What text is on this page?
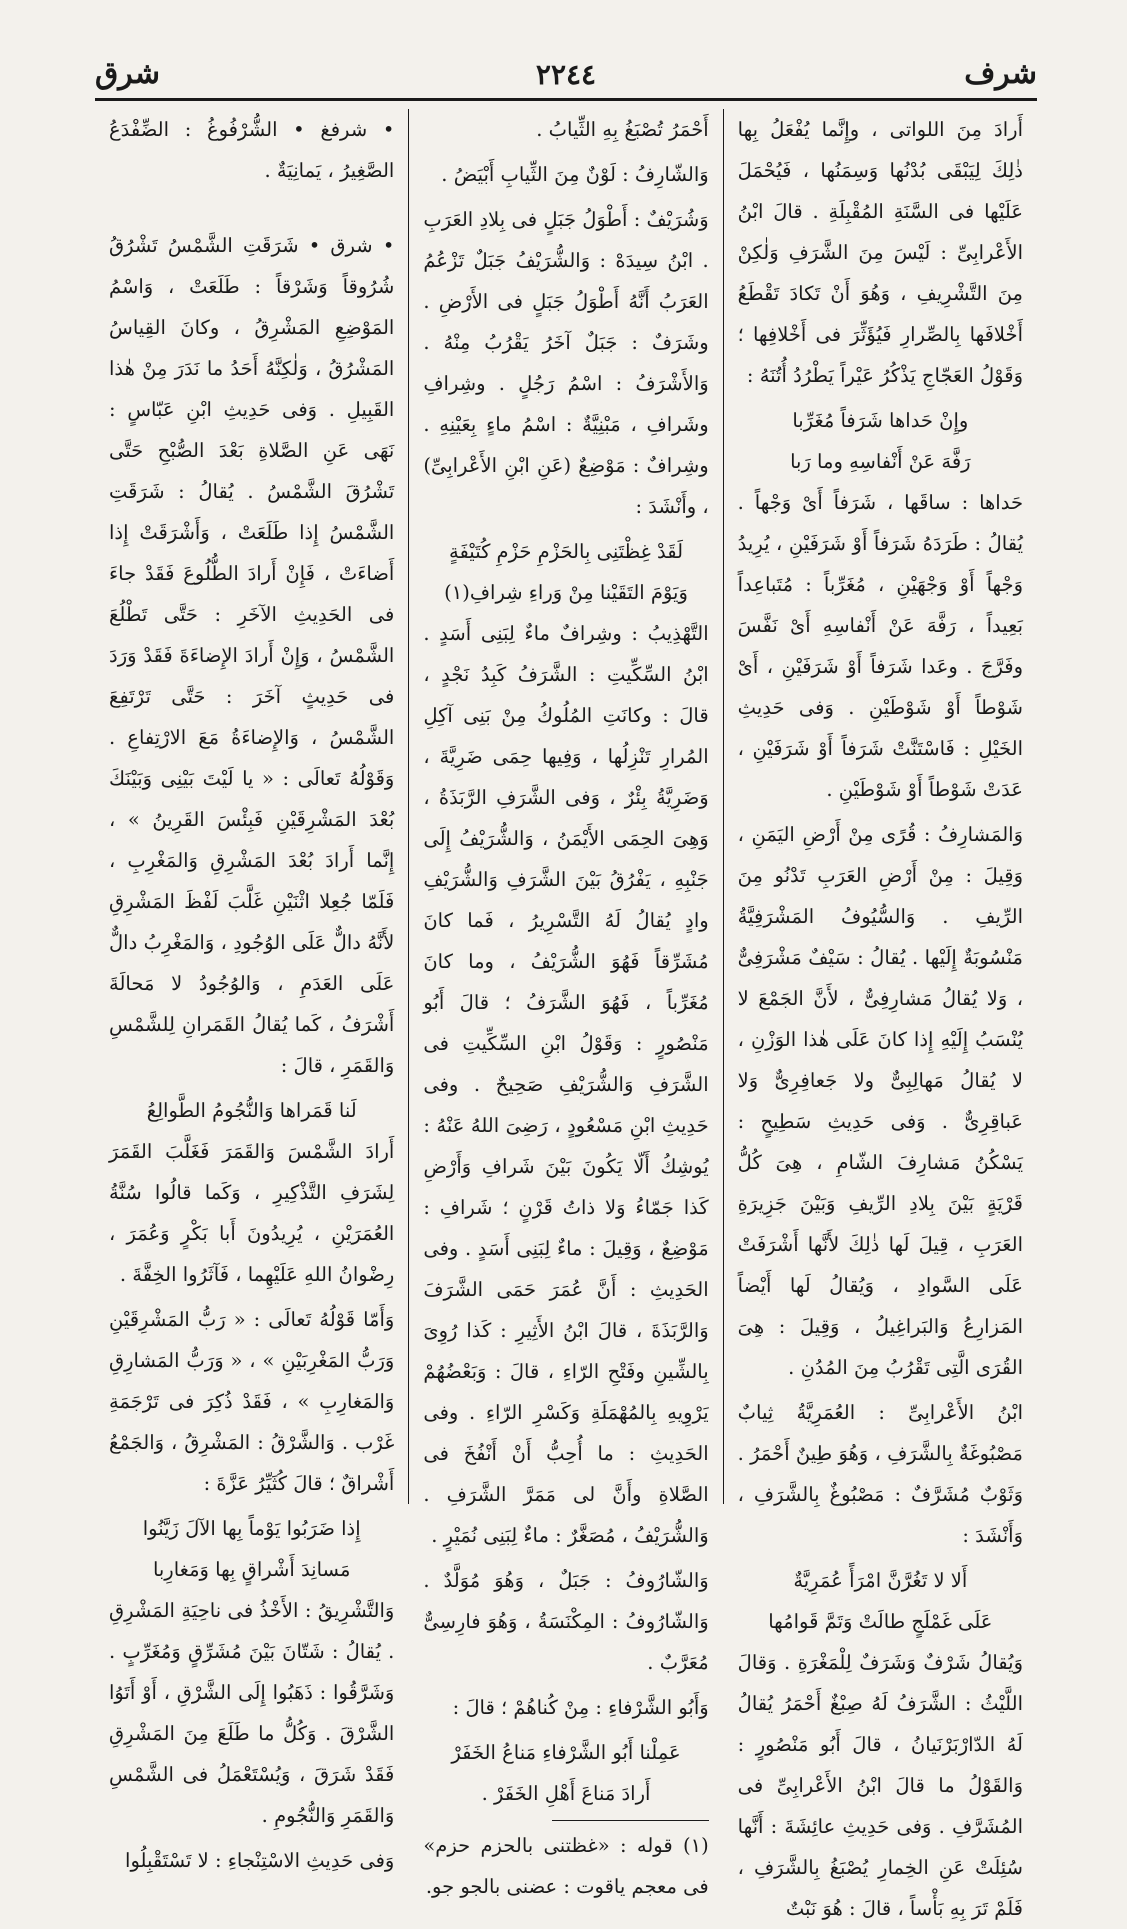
شرف
٢٢٤٤
شرق

أَرادَ مِنَ اللواتى ، وإِنَّما يُفْعَلُ بِها ذٰلِكَ لِيَبْقَى بُدْنُها وَسِمَنُها ، فَيُحْمَلَ عَلَيْها فى السَّنَةِ المُقْبِلَةِ . قالَ ابْنُ الأَعْرابِىِّ : لَيْسَ مِنَ الشَّرَفِ وَلٰكِنْ مِنَ التَّشْرِيفِ ، وَهُوَ أَنْ تَكادَ تَقْطَعُ أَخْلافَها بِالصِّرارِ فَيُؤَثِّرَ فى أَخْلافِها ؛ وَقَوْلُ العَجّاجِ يَذْكُرُ عَيْراً يَطْرُدُ أُتُنَهُ :

وإِنْ حَداها شَرَفاً مُغَرِّبا

رَفَّهَ عَنْ أَنْفاسِهِ وما رَبا

حَداها : ساقَها ، شَرَفاً أَىْ وَجْهاً . يُقالُ : طَرَدَهُ شَرَفاً أَوْ شَرَفَيْنِ ، يُرِيدُ وَجْهاً أَوْ وَجْهَيْنِ ، مُغَرِّباً : مُتَباعِداً بَعِيداً ، رَفَّهَ عَنْ أَنْفاسِهِ أَىْ نَفَّسَ وفَرَّجَ . وعَدا شَرَفاً أَوْ شَرَفَيْنِ ، أَىْ شَوْطاً أَوْ شَوْطَيْنِ . وَفى حَدِيثِ الخَيْلِ : فَاسْتَنَّتْ شَرَفاً أَوْ شَرَفَيْنِ ، عَدَتْ شَوْطاً أَوْ شَوْطَيْنِ .

وَالمَشارِفُ : قُرًى مِنْ أَرْضِ اليَمَنِ ، وَقِيلَ : مِنْ أَرْضِ العَرَبِ تَدْنُو مِنَ الرِّيفِ . وَالسُّيُوفُ المَشْرَفِيَّةُ مَنْسُوبَةٌ إِلَيْها . يُقالُ : سَيْفٌ مَشْرَفِىٌّ ، وَلا يُقالُ مَشارِفِىٌّ ، لأَنَّ الجَمْعَ لا يُنْسَبُ إِلَيْهِ إِذا كانَ عَلَى هٰذا الوَزْنِ ، لا يُقالُ مَهالِبِىٌّ ولا جَعافِرِىٌّ وَلا عَباقِرِىٌّ . وَفى حَدِيثِ سَطِيحٍ : يَسْكُنُ مَشارِفَ الشّامِ ، هِىَ كُلُّ قَرْيَةٍ بَيْنَ بِلادِ الرِّيفِ وَبَيْنَ جَزِيرَةِ العَرَبِ ، قِيلَ لَها ذٰلِكَ لأَنَّها أَشْرَفَتْ عَلَى السَّوادِ ، وَيُقالُ لَها أَيْضاً المَزارِعُ وَالبَراغِيلُ ، وَقِيلَ : هِىَ القُرَى الَّتِى تَقْرُبُ مِنَ المُدُنِ .

ابْنُ الأَعْرابِىِّ : العُمَرِيَّةُ ثِيابٌ مَصْبُوغَةٌ بِالشَّرَفِ ، وَهُوَ طِينٌ أَحْمَرُ . وَثَوْبٌ مُشَرَّفٌ : مَصْبُوغٌ بِالشَّرَفِ ، وَأَنْشَدَ :

أَلا لا تَغُرَّنَّ امْرَأً عُمَرِيَّةٌ

عَلَى غَمْلَجٍ طالَتْ وَتَمَّ قَوامُها

وَيُقالُ شَرْفٌ وَشَرَفٌ لِلْمَغْرَةِ . وَقالَ اللَّيْثُ : الشَّرَفُ لَهُ صِبْغٌ أَحْمَرُ يُقالُ لَهُ الدّارْبَرْنَيانُ ، قالَ أَبُو مَنْصُورٍ : وَالقَوْلُ ما قالَ ابْنُ الأَعْرابِىِّ فى المُشَرَّفِ . وَفى حَدِيثِ عائِشَةَ : أَنَّها سُئِلَتْ عَنِ الخِمارِ يُصْبَغُ بِالشَّرَفِ ، فَلَمْ تَرَ بِهِ بَأْساً ، قالَ : هُوَ نَبْتٌ

أَحْمَرُ تُصْبَغُ بِهِ الثِّيابُ .

وَالشّارِفُ : لَوْنٌ مِنَ الثِّيابِ أَبْيَضُ .

وَشُرَيْفٌ : أَطْوَلُ جَبَلٍ فى بِلادِ العَرَبِ . ابْنُ سِيدَهْ : وَالشُّرَيْفُ جَبَلٌ تَزْعُمُ العَرَبُ أَنَّهُ أَطْوَلُ جَبَلٍ فى الأَرْضِ . وشَرَفٌ : جَبَلٌ آخَرُ يَقْرُبُ مِنْهُ . وَالأَشْرَفُ : اسْمُ رَجُلٍ . وشِرافِ وشَرافِ ، مَبْنِيَّةٌ : اسْمُ ماءٍ بِعَيْنِهِ . وشِرافٌ : مَوْضِعٌ (عَنِ ابْنِ الأَعْرابِىِّ) ، وأَنْشَدَ :

لَقَدْ غِظْتَنِى بِالحَزْمِ حَزْمِ كُتَيْفَةٍ

وَيَوْمَ التَقَيْنا مِنْ وَراءِ شِرافِ(١)

التَّهْذِيبُ : وشِرافٌ ماءٌ لِبَنِى أَسَدٍ . ابْنُ السِّكِّيتِ : الشَّرَفُ كَبِدُ نَجْدٍ ، قالَ : وكانَتِ المُلُوكُ مِنْ بَنِى آكِلِ المُرارِ تَنْزِلُها ، وَفِيها حِمَى ضَرِيَّةَ ، وَضَرِيَّةُ بِئْرٌ ، وَفى الشَّرَفِ الرَّبَذَةُ ، وَهِىَ الحِمَى الأَيْمَنُ ، وَالشُّرَيْفُ إِلَى جَنْبِهِ ، يَفْرُقُ بَيْنَ الشَّرَفِ وَالشُّرَيْفِ وادٍ يُقالُ لَهُ التَّسْرِيرُ ، فَما كانَ مُشَرِّقاً فَهُوَ الشُّرَيْفُ ، وما كانَ مُغَرِّباً ، فَهُوَ الشَّرَفُ ؛ قالَ أَبُو مَنْصُورٍ : وَقَوْلُ ابْنِ السِّكِّيتِ فى الشَّرَفِ وَالشُّرَيْفِ صَحِيحٌ . وفى حَدِيثِ ابْنِ مَسْعُودٍ ، رَضِىَ اللهُ عَنْهُ : يُوشِكُ أَلّا يَكُونَ بَيْنَ شَرافِ وَأَرْضِ كَذا جَمّاءُ وَلا ذاتُ قَرْنٍ ؛ شَرافِ : مَوْضِعٌ ، وَقِيلَ : ماءٌ لِبَنِى أَسَدٍ . وفى الحَدِيثِ : أَنَّ عُمَرَ حَمَى الشَّرَفَ وَالرَّبَذَةَ ، قالَ ابْنُ الأَثِيرِ : كَذا رُوِىَ بِالشِّينِ وفَتْحِ الرّاءِ ، قالَ : وَبَعْضُهُمْ يَرْوِيهِ بِالمُهْمَلَةِ وَكَسْرِ الرّاءِ . وفى الحَدِيثِ : ما أُحِبُّ أَنْ أَنْفُخَ فى الصَّلاةِ وأَنَّ لى مَمَرَّ الشَّرَفِ . وَالشُّرَيْفُ ، مُصَغَّرٌ : ماءٌ لِبَنِى نُمَيْرٍ .

وَالشّارُوفُ : جَبَلٌ ، وَهُوَ مُوَلَّدٌ . وَالشّارُوفُ : المِكْنَسَةُ ، وَهُوَ فارِسِىٌّ مُعَرَّبٌ .

وَأَبُو الشَّرْفاءِ : مِنْ كُناهُمْ ؛ قالَ :

عَمِلْنا أَبُو الشَّرْفاءِ مَناعُ الخَفَرْ

أَرادَ مَناعَ أَهْلِ الخَفَرْ .

(١) قوله : «غظتنى بالحزم حزم» فى معجم ياقوت : عضنى بالجو جو.

• شرفغ • الشُّرْفُوغُ : الضِّفْدَعُ الصَّغِيرُ ، يَمانِيَةٌ .

• شرق • شَرَقَتِ الشَّمْسُ تَشْرُقُ شُرُوقاً وَشَرْقاً : طَلَعَتْ ، وَاسْمُ المَوْضِعِ المَشْرِقُ ، وكانَ القِياسُ المَشْرُقُ ، وَلٰكِنَّهُ أَحَدُ ما نَدَرَ مِنْ هٰذا القَبِيلِ . وَفى حَدِيثِ ابْنِ عَبّاسٍ : نَهَى عَنِ الصَّلاةِ بَعْدَ الصُّبْحِ حَتَّى تَشْرُقَ الشَّمْسُ . يُقالُ : شَرَقَتِ الشَّمْسُ إِذا طَلَعَتْ ، وَأَشْرَقَتْ إِذا أَضاءَتْ ، فَإِنْ أَرادَ الطُّلُوعَ فَقَدْ جاءَ فى الحَدِيثِ الآخَرِ : حَتَّى تَطْلُعَ الشَّمْسُ ، وَإِنْ أَرادَ الإِضاءَةَ فَقَدْ وَرَدَ فى حَدِيثٍ آخَرَ : حَتَّى تَرْتَفِعَ الشَّمْسُ ، وَالإِضاءَةُ مَعَ الارْتِفاعِ . وَقَوْلُهُ تَعالَى : « يا لَيْتَ بَيْنِى وَبَيْنَكَ بُعْدَ المَشْرِقَيْنِ فَبِئْسَ القَرِينُ » ، إِنَّما أَرادَ بُعْدَ المَشْرِقِ وَالمَغْرِبِ ، فَلَمّا جُعِلا اثْنَيْنِ غَلَّبَ لَفْظَ المَشْرِقِ لأَنَّهُ دالٌّ عَلَى الوُجُودِ ، وَالمَغْرِبُ دالٌّ عَلَى العَدَمِ ، وَالوُجُودُ لا مَحالَةَ أَشْرَفُ ، كَما يُقالُ القَمَرانِ لِلشَّمْسِ وَالقَمَرِ ، قالَ :

لَنا قَمَراها وَالنُّجُومُ الطَّوالِعُ

أَرادَ الشَّمْسَ وَالقَمَرَ فَغَلَّبَ القَمَرَ لِشَرَفِ التَّذْكِيرِ ، وَكَما قالُوا سُنَّةُ العُمَرَيْنِ ، يُرِيدُونَ أَبا بَكْرٍ وَعُمَرَ ، رِضْوانُ اللهِ عَلَيْهِما ، فَآثَرُوا الخِفَّةَ .

وَأَمّا قَوْلُهُ تَعالَى : « رَبُّ المَشْرِقَيْنِ وَرَبُّ المَغْرِبَيْنِ » ، « وَرَبُّ المَشارِقِ وَالمَغارِبِ » ، فَقَدْ ذُكِرَ فى تَرْجَمَةِ غَرْب . وَالشَّرْقُ : المَشْرِقُ ، وَالجَمْعُ أَشْراقٌ ؛ قالَ كُثَيِّرُ عَزَّةَ :

إِذا ضَرَبُوا يَوْماً بِها الآلَ زَيَّنُوا

مَسانِدَ أَشْراقٍ بِها وَمَغارِبا

وَالتَّشْرِيقُ : الأَخْذُ فى ناحِيَةِ المَشْرِقِ . يُقالُ : شَتّانَ بَيْنَ مُشَرِّقٍ وَمُغَرِّبٍ . وَشَرَّقُوا : ذَهَبُوا إِلَى الشَّرْقِ ، أَوْ أَتَوُا الشَّرْقَ . وَكُلُّ ما طَلَعَ مِنَ المَشْرِقِ فَقَدْ شَرَقَ ، وَيُسْتَعْمَلُ فى الشَّمْسِ وَالقَمَرِ وَالنُّجُومِ .

وَفى حَدِيثِ الاسْتِنْجاءِ : لا تَسْتَقْبِلُوا
